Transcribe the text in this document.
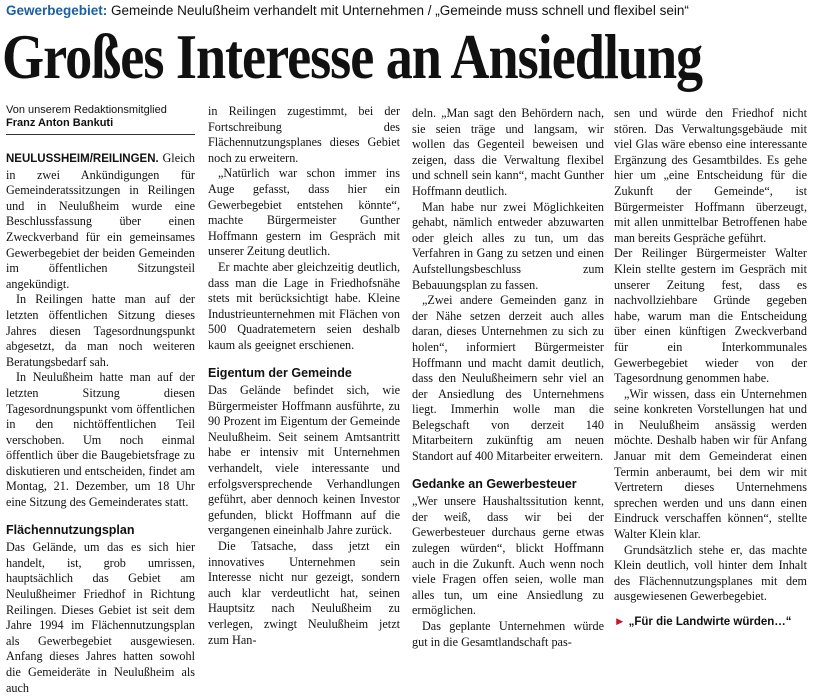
Gewerbegebiet: Gemeinde Neulußheim verhandelt mit Unternehmen / „Gemeinde muss schnell und flexibel sein“
Großes Interesse an Ansiedlung
Von unserem Redaktionsmitglied
Franz Anton Bankuti

NEULUSSHEIM/REILINGEN. Gleich in zwei Ankündigungen für Gemeinderatssitzungen in Reilingen und in Neulußheim wurde eine Beschlussfassung über einen Zweckverband für ein gemeinsames Gewerbegebiet der beiden Gemeinden im öffentlichen Sitzungsteil angekündigt.

In Reilingen hatte man auf der letzten öffentlichen Sitzung dieses Jahres diesen Tagesordnungspunkt abgesetzt, da man noch weiteren Beratungsbedarf sah.

In Neulußheim hatte man auf der letzten Sitzung diesen Tagesordnungspunkt vom öffentlichen in den nichtöffentlichen Teil verschoben. Um noch einmal öffentlich über die Baugebietsfrage zu diskutieren und entscheiden, findet am Montag, 21. Dezember, um 18 Uhr eine Sitzung des Gemeinderates statt.

Flächennutzungsplan

Das Gelände, um das es sich hier handelt, ist, grob umrissen, hauptsächlich das Gebiet am Neulußheimer Friedhof in Richtung Reilingen. Dieses Gebiet ist seit dem Jahre 1994 im Flächennutzungsplan als Gewerbegebiet ausgewiesen. Anfang dieses Jahres hatten sowohl die Gemeideräte in Neulußheim als auch

in Reilingen zugestimmt, bei der Fortschreibung des Flächennutzungsplanes dieses Gebiet noch zu erweitern.

„Natürlich war schon immer ins Auge gefasst, dass hier ein Gewerbegebiet entstehen könnte“, machte Bürgermeister Gunther Hoffmann gestern im Gespräch mit unserer Zeitung deutlich.

Er machte aber gleichzeitig deutlich, dass man die Lage in Friedhofsnähe stets mit berücksichtigt habe. Kleine Industrieunternehmen mit Flächen von 500 Quadratemetern seien deshalb kaum als geeignet erschienen.

Eigentum der Gemeinde

Das Gelände befindet sich, wie Bürgermeister Hoffmann ausführte, zu 90 Prozent im Eigentum der Gemeinde Neulußheim. Seit seinem Amtsantritt habe er intensiv mit Unternehmen verhandelt, viele interessante und erfolgsversprechende Verhandlungen geführt, aber dennoch keinen Investor gefunden, blickt Hoffmann auf die vergangenen eineinhalb Jahre zurück.

Die Tatsache, dass jetzt ein innovatives Unternehmen sein Interesse nicht nur gezeigt, sondern auch klar verdeutlicht hat, seinen Hauptsitz nach Neulußheim zu verlegen, zwingt Neulußheim jetzt zum Han-

deln. „Man sagt den Behördern nach, sie seien träge und langsam, wir wollen das Gegenteil beweisen und zeigen, dass die Verwaltung flexibel und schnell sein kann“, macht Gunther Hoffmann deutlich.

Man habe nur zwei Möglichkeiten gehabt, nämlich entweder abzuwarten oder gleich alles zu tun, um das Verfahren in Gang zu setzen und einen Aufstellungsbeschluss zum Bebauungsplan zu fassen.

„Zwei andere Gemeinden ganz in der Nähe setzen derzeit auch alles daran, dieses Unternehmen zu sich zu holen“, informiert Bürgermeister Hoffmann und macht damit deutlich, dass den Neulußheimern sehr viel an der Ansiedlung des Unternehmens liegt. Immerhin wolle man die Belegschaft von derzeit 140 Mitarbeitern zukünftig am neuen Standort auf 400 Mitarbeiter erweitern.

Gedanke an Gewerbesteuer

„Wer unsere Haushaltssitution kennt, der weiß, dass wir bei der Gewerbesteuer durchaus gerne etwas zulegen würden“, blickt Hoffmann auch in die Zukunft. Auch wenn noch viele Fragen offen seien, wolle man alles tun, um eine Ansiedlung zu ermöglichen.

Das geplante Unternehmen würde gut in die Gesamtlandschaft pas-

sen und würde den Friedhof nicht stören. Das Verwaltungsgebäude mit viel Glas wäre ebenso eine interessante Ergänzung des Gesamtbildes. Es gehe hier um „eine Entscheidung für die Zukunft der Gemeinde“, ist Bürgermeister Hoffmann überzeugt, mit allen unmittelbar Betroffenen habe man bereits Gespräche geführt.

Der Reilinger Bürgermeister Walter Klein stellte gestern im Gespräch mit unserer Zeitung fest, dass es nachvollziehbare Gründe gegeben habe, warum man die Entscheidung über einen künftigen Zweckverband für ein Interkommunales Gewerbegebiet wieder von der Tagesordnung genommen habe.

„Wir wissen, dass ein Unternehmen seine konkreten Vorstellungen hat und in Neulußheim ansässig werden möchte. Deshalb haben wir für Anfang Januar mit dem Gemeinderat einen Termin anberaumt, bei dem wir mit Vertretern dieses Unternehmens sprechen werden und uns dann einen Eindruck verschaffen können“, stellte Walter Klein klar.

Grundsätzlich stehe er, das machte Klein deutlich, voll hinter dem Inhalt des Flächennutzungsplanes mit dem ausgewiesenen Gewerbegebiet.

► „Für die Landwirte würden…“
